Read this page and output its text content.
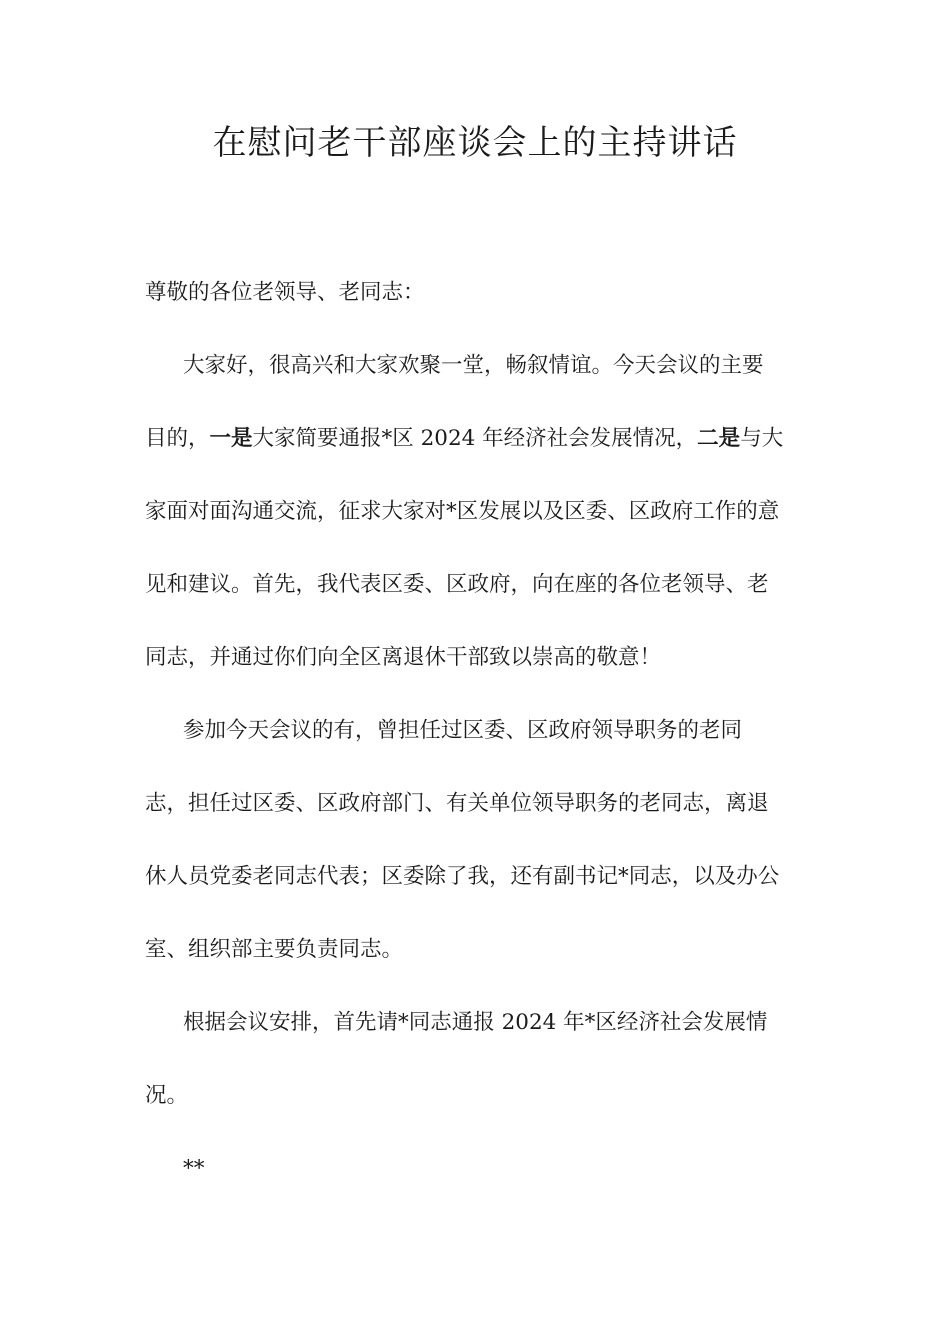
在慰问老干部座谈会上的主持讲话
尊敬的各位老领导、老同志：
大家好，很高兴和大家欢聚一堂，畅叙情谊。今天会议的主要
目的，一是大家简要通报*区 2024 年经济社会发展情况，二是与大
家面对面沟通交流，征求大家对*区发展以及区委、区政府工作的意
见和建议。首先，我代表区委、区政府，向在座的各位老领导、老
同志，并通过你们向全区离退休干部致以崇高的敬意！
参加今天会议的有，曾担任过区委、区政府领导职务的老同
志，担任过区委、区政府部门、有关单位领导职务的老同志，离退
休人员党委老同志代表；区委除了我，还有副书记*同志，以及办公
室、组织部主要负责同志。
根据会议安排，首先请*同志通报 2024 年*区经济社会发展情
况。
**
